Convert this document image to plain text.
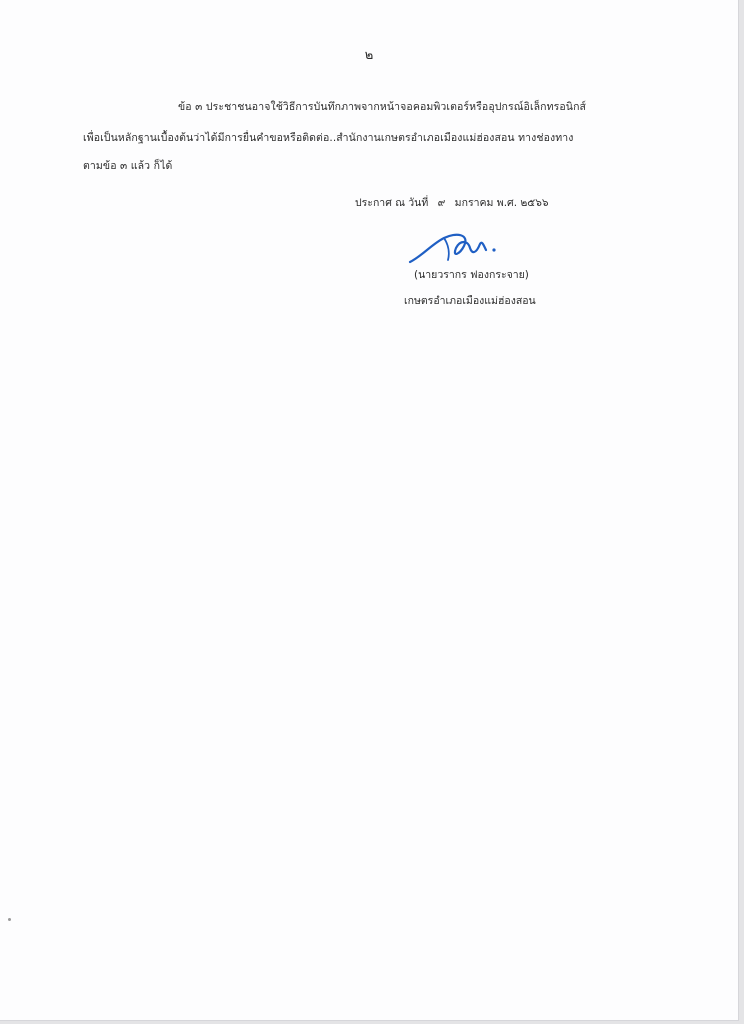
๒
ข้อ ๓ ประชาชนอาจใช้วิธีการบันทึกภาพจากหน้าจอคอมพิวเตอร์หรืออุปกรณ์อิเล็กทรอนิกส์
เพื่อเป็นหลักฐานเบื้องต้นว่าได้มีการยื่นคำขอหรือติดต่อ..สำนักงานเกษตรอำเภอเมืองแม่ฮ่องสอน ทางช่องทาง
ตามข้อ ๓ แล้ว ก็ได้
ประกาศ ณ วันที่ ๙ มกราคม พ.ศ. ๒๕๖๖
(นายวรากร ฟองกระจาย)
เกษตรอำเภอเมืองแม่ฮ่องสอน
